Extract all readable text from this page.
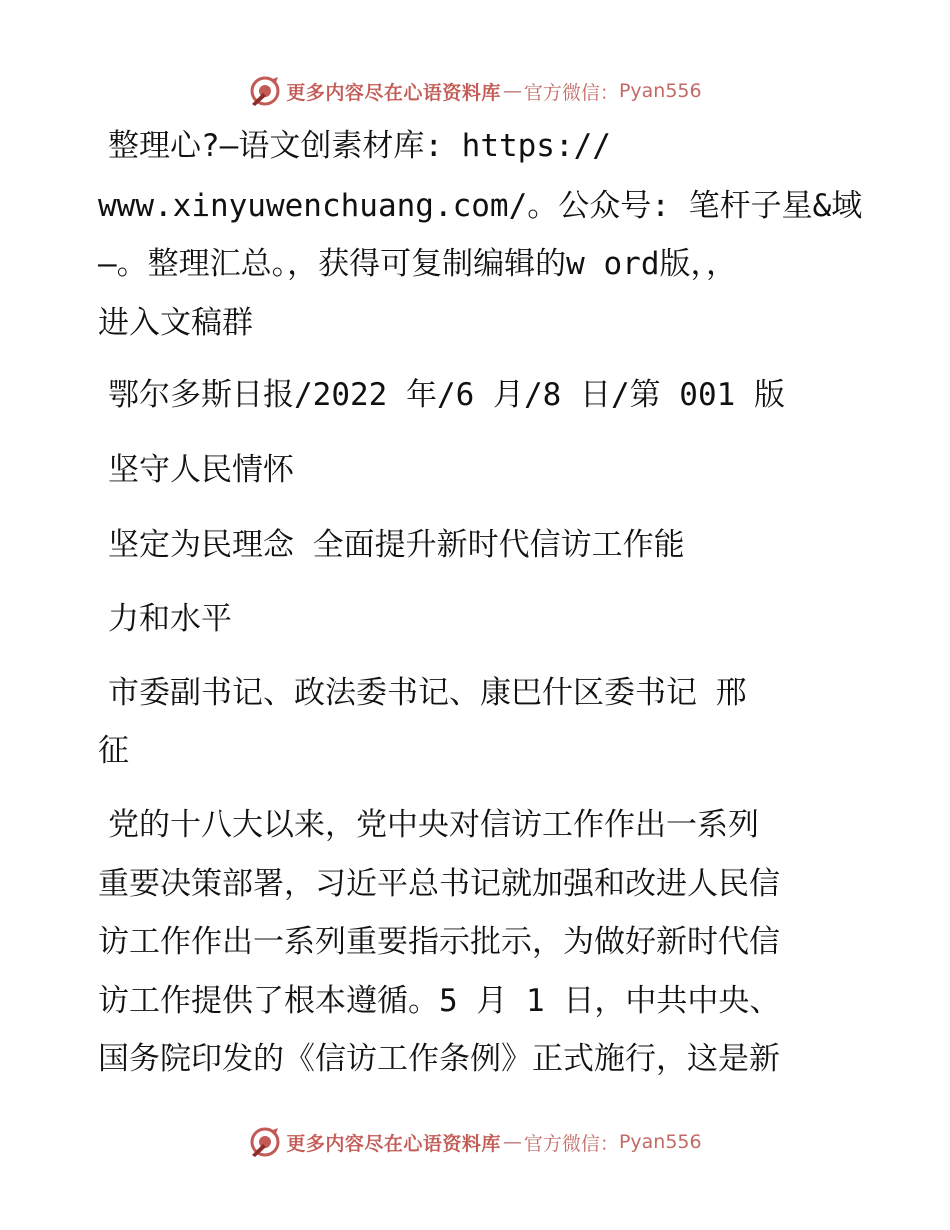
更多内容尽在心语资料库 — 官方微信： Pyan556
整理心?—语文创素材库: https://
www.xinyuwenchuang.com/。公众号: 笔杆子星&域
—。整理汇总。，获得可复制编辑的w ord版，，
进入文稿群
鄂尔多斯日报/2022 年/6 月/8 日/第 001 版
坚守人民情怀
坚定为民理念 全面提升新时代信访工作能
力和水平
市委副书记、政法委书记、康巴什区委书记 邢
征
党的十八大以来，党中央对信访工作作出一系列
重要决策部署，习近平总书记就加强和改进人民信
访工作作出一系列重要指示批示，为做好新时代信
访工作提供了根本遵循。5 月 1 日，中共中央、
国务院印发的《信访工作条例》正式施行，这是新
更多内容尽在心语资料库 — 官方微信： Pyan556
